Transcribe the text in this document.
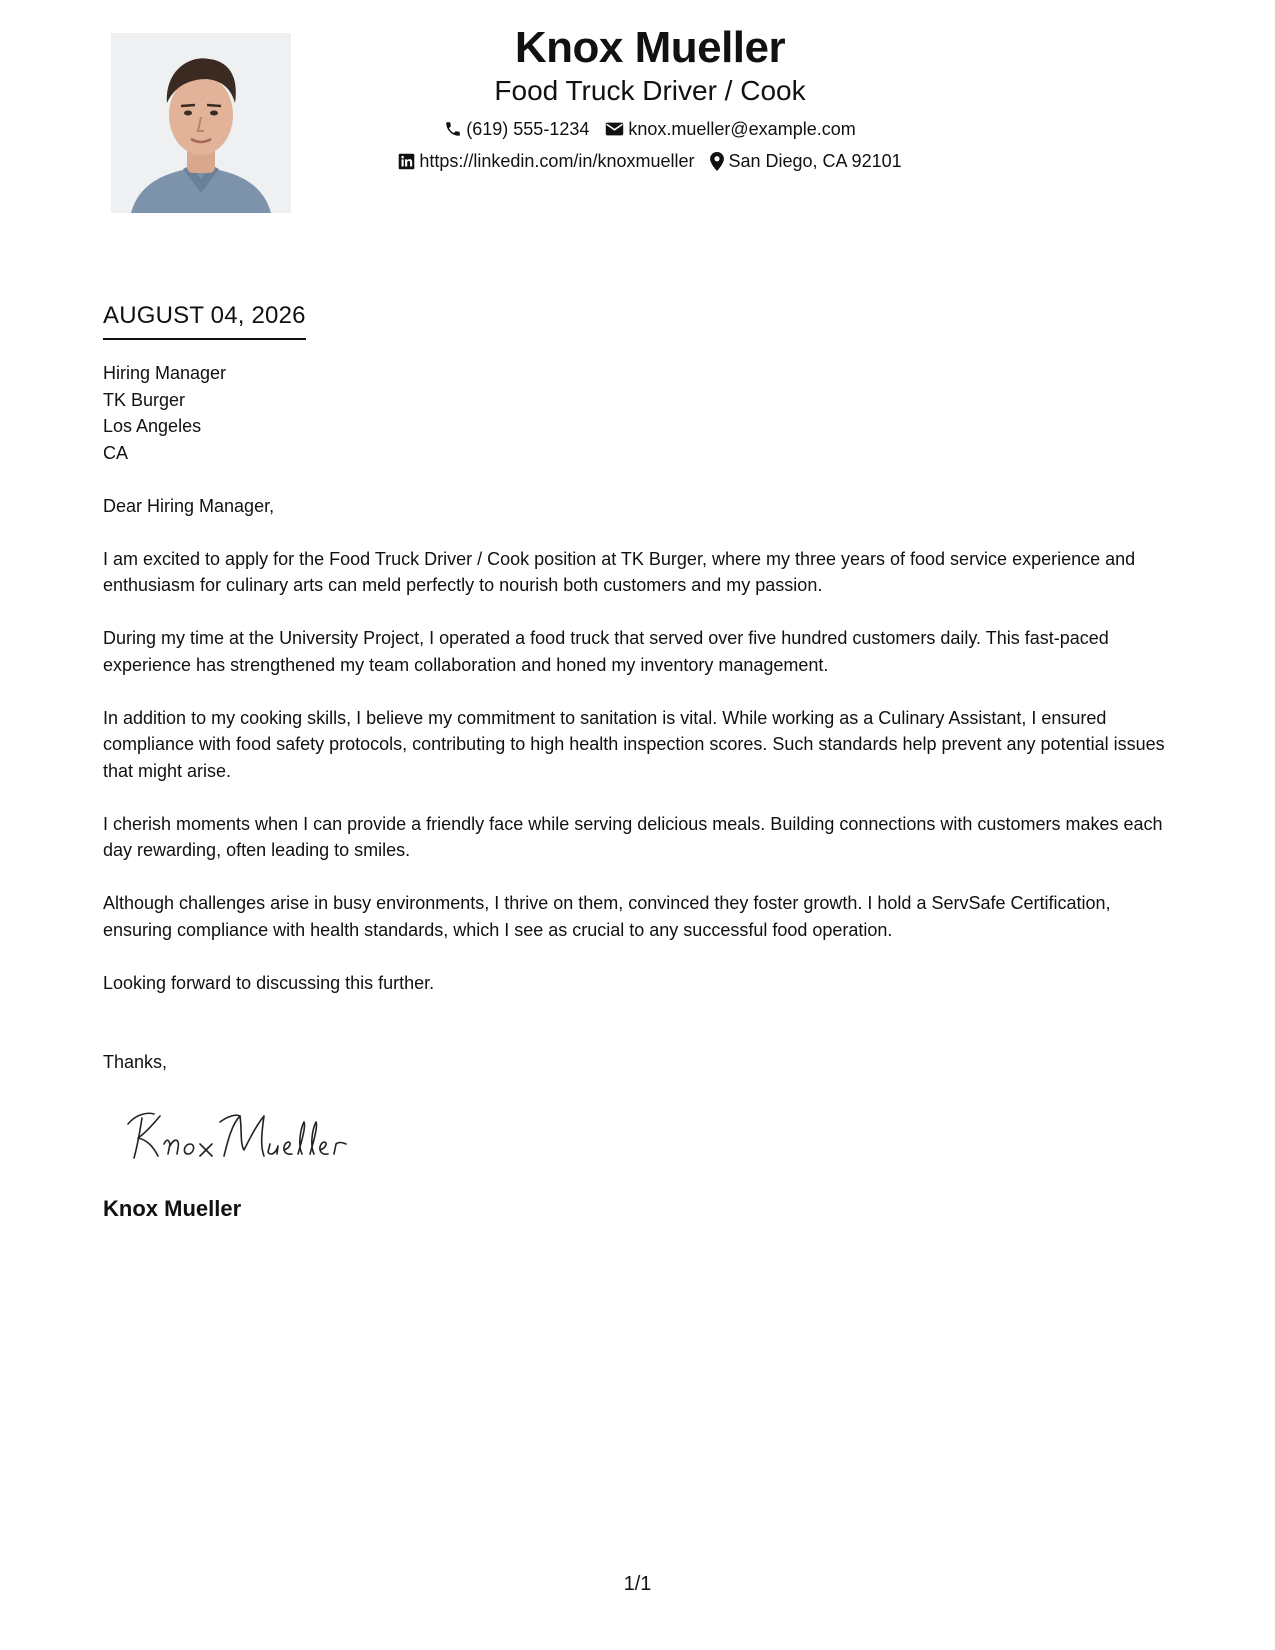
Knox Mueller
Food Truck Driver / Cook
(619) 555-1234 knox.mueller@example.com
https://linkedin.com/in/knoxmueller San Diego, CA 92101
AUGUST 04, 2026
Hiring Manager
TK Burger
Los Angeles
CA

Dear Hiring Manager,

I am excited to apply for the Food Truck Driver / Cook position at TK Burger, where my three years of food service experience and enthusiasm for culinary arts can meld perfectly to nourish both customers and my passion.

During my time at the University Project, I operated a food truck that served over five hundred customers daily. This fast-paced experience has strengthened my team collaboration and honed my inventory management.

In addition to my cooking skills, I believe my commitment to sanitation is vital. While working as a Culinary Assistant, I ensured compliance with food safety protocols, contributing to high health inspection scores. Such standards help prevent any potential issues that might arise.

I cherish moments when I can provide a friendly face while serving delicious meals. Building connections with customers makes each day rewarding, often leading to smiles.

Although challenges arise in busy environments, I thrive on them, convinced they foster growth. I hold a ServSafe Certification, ensuring compliance with health standards, which I see as crucial to any successful food operation.

Looking forward to discussing this further.

Thanks,

Knox Mueller
1/1
